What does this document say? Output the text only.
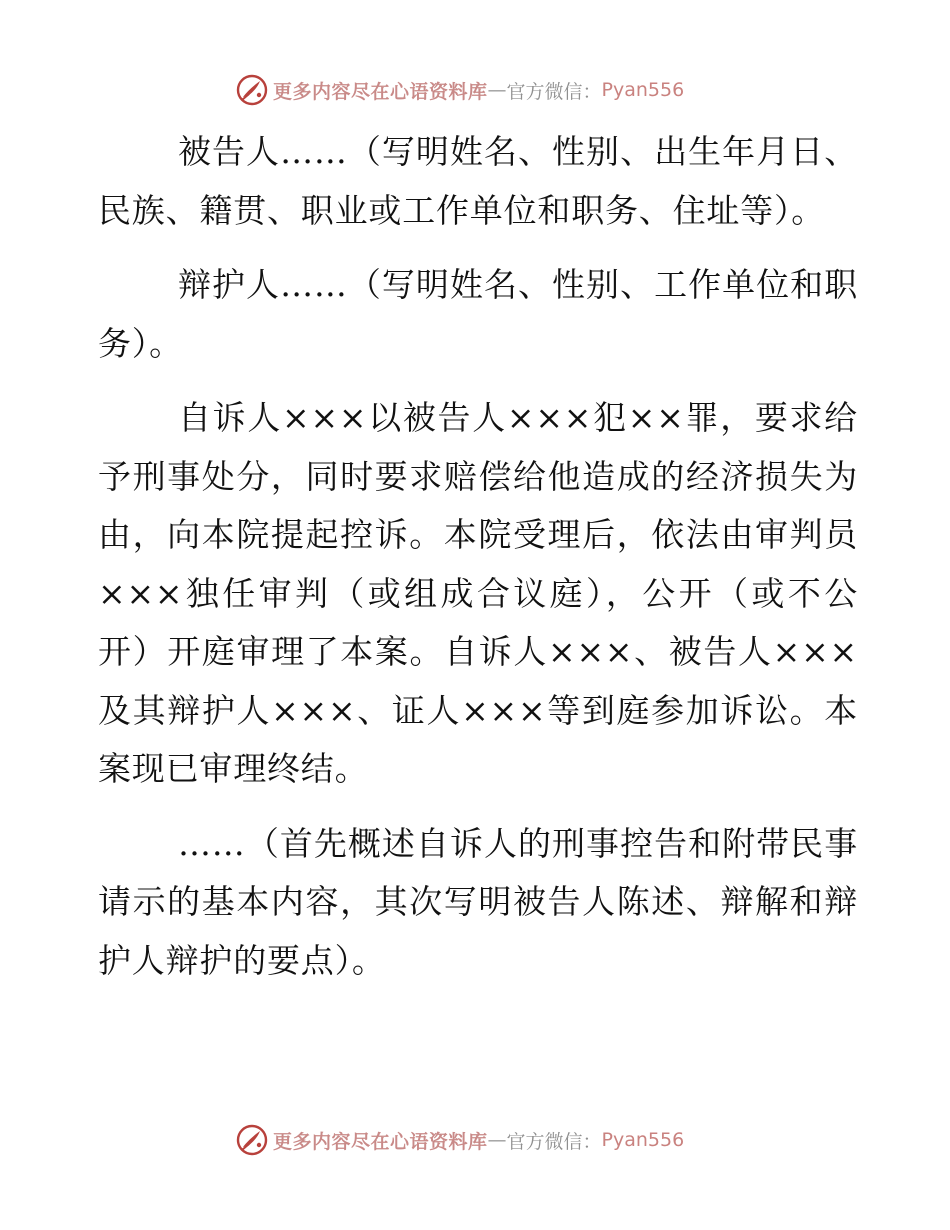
更多内容尽在心语资料库 — 官方微信： Pyan556

被告人……（写明姓名、性别、出生年月日、民族、籍贯、职业或工作单位和职务、住址等）。

辩护人……（写明姓名、性别、工作单位和职务）。

自诉人×××以被告人×××犯××罪，要求给予刑事处分，同时要求赔偿给他造成的经济损失为由，向本院提起控诉。本院受理后，依法由审判员×××独任审判（或组成合议庭），公开（或不公开）开庭审理了本案。自诉人×××、被告人×××及其辩护人×××、证人×××等到庭参加诉讼。本案现已审理终结。

……（首先概述自诉人的刑事控告和附带民事请示的基本内容，其次写明被告人陈述、辩解和辩护人辩护的要点）。

更多内容尽在心语资料库 — 官方微信： Pyan556
